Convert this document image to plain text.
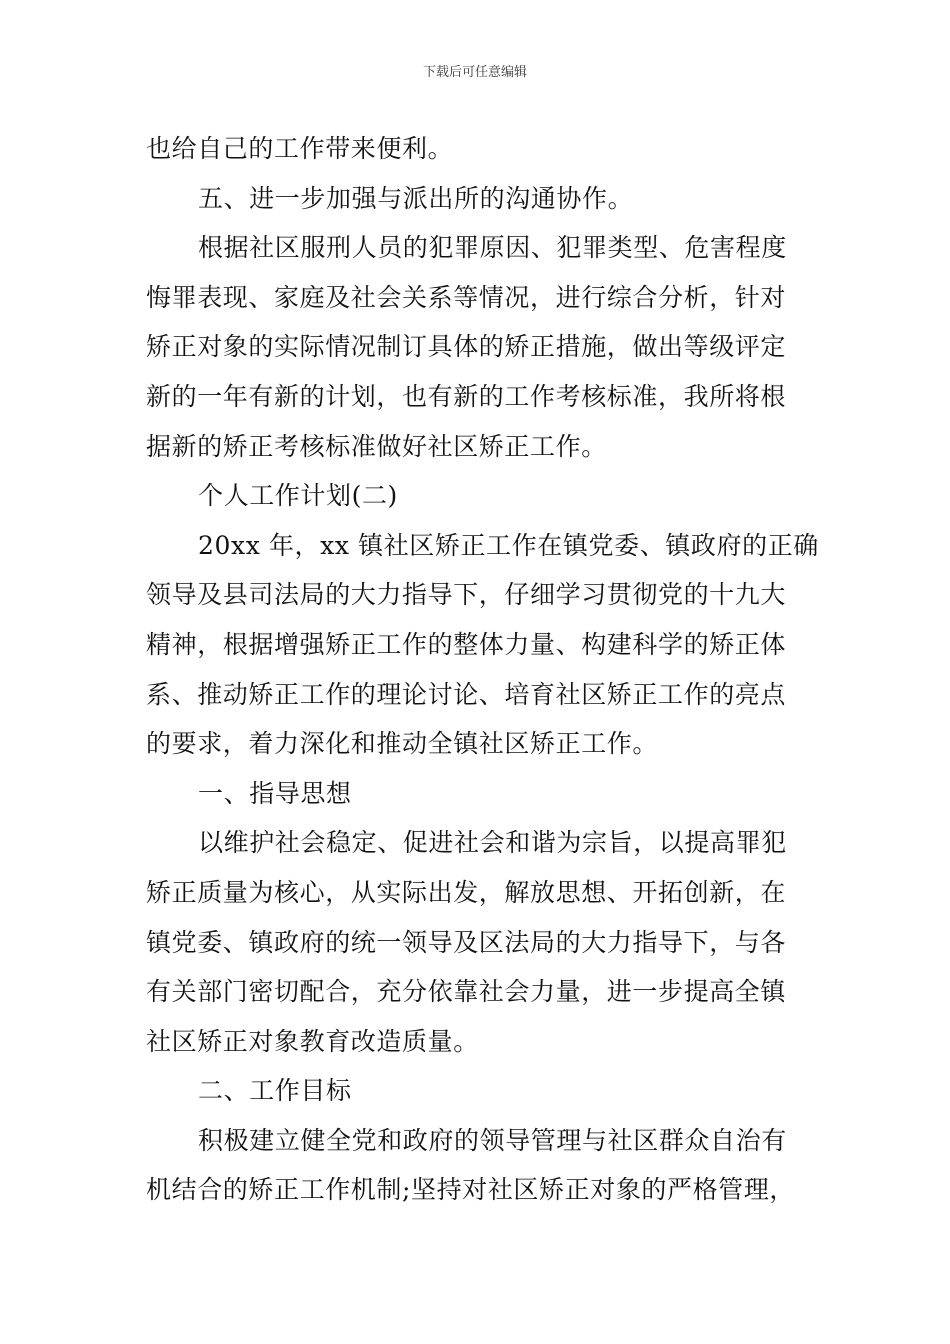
下载后可任意编辑
也给自己的工作带来便利。
五、进一步加强与派出所的沟通协作。
根据社区服刑人员的犯罪原因、犯罪类型、危害程度
悔罪表现、家庭及社会关系等情况，进行综合分析，针对
矫正对象的实际情况制订具体的矫正措施，做出等级评定
新的一年有新的计划，也有新的工作考核标准，我所将根
据新的矫正考核标准做好社区矫正工作。
个人工作计划(二)
20xx 年，xx 镇社区矫正工作在镇党委、镇政府的正确
领导及县司法局的大力指导下，仔细学习贯彻党的十九大
精神，根据增强矫正工作的整体力量、构建科学的矫正体
系、推动矫正工作的理论讨论、培育社区矫正工作的亮点
的要求，着力深化和推动全镇社区矫正工作。
一、指导思想
以维护社会稳定、促进社会和谐为宗旨，以提高罪犯
矫正质量为核心，从实际出发，解放思想、开拓创新，在
镇党委、镇政府的统一领导及区法局的大力指导下，与各
有关部门密切配合，充分依靠社会力量，进一步提高全镇
社区矫正对象教育改造质量。
二、工作目标
积极建立健全党和政府的领导管理与社区群众自治有
机结合的矫正工作机制;坚持对社区矫正对象的严格管理，
